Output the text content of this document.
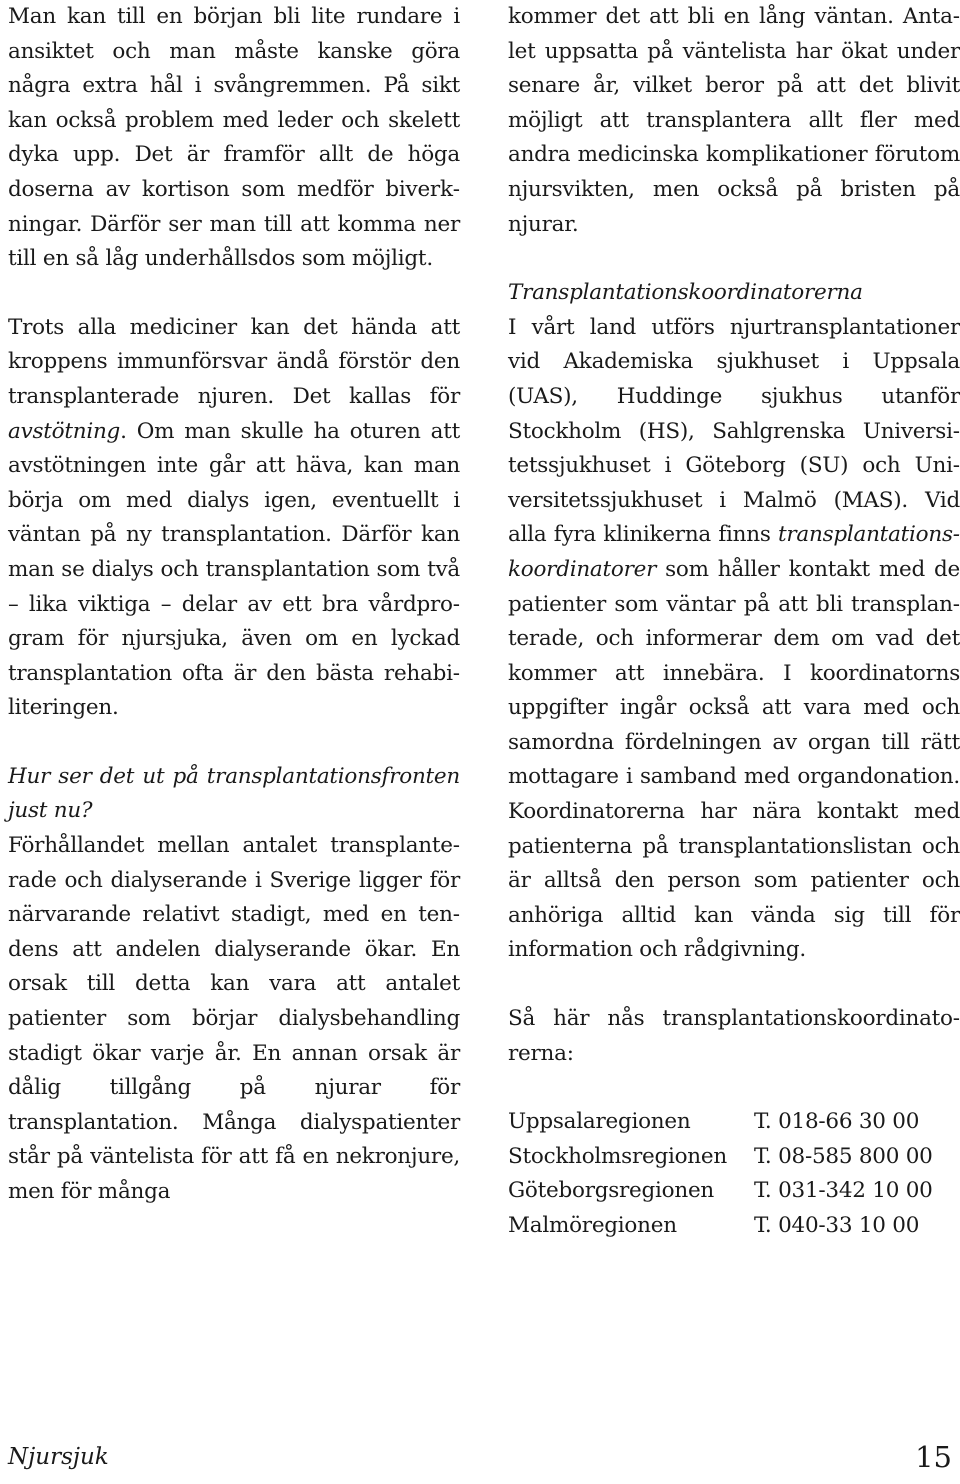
Man kan till en början bli lite rundare i ansiktet och man måste kanske göra några extra hål i svångremmen. På sikt kan också problem med leder och skelett dyka upp. Det är framför allt de höga doserna av kortison som medför biverkningar. Därför ser man till att komma ner till en så låg underhållsdos som möjligt.

Trots alla mediciner kan det hända att kroppens immunförsvar ändå förstör den transplanterade njuren. Det kallas för avstötning. Om man skulle ha oturen att avstötningen inte går att häva, kan man börja om med dialys igen, eventuellt i väntan på ny transplantation. Därför kan man se dialys och transplantation som två – lika viktiga – delar av ett bra vårdprogram för njursjuka, även om en lyckad transplantation ofta är den bästa rehabiliteringen.

Hur ser det ut på transplantationsfronten just nu?

Förhållandet mellan antalet transplanterade och dialyserande i Sverige ligger för närvarande relativt stadigt, med en tendens att andelen dialyserande ökar. En orsak till detta kan vara att antalet patienter som börjar dialysbehandling stadigt ökar varje år. En annan orsak är dålig tillgång på njurar för transplantation. Många dialyspatienter står på väntelista för att få en nekronjure, men för många

kommer det att bli en lång väntan. Antalet uppsatta på väntelista har ökat under senare år, vilket beror på att det blivit möjligt att transplantera allt fler med andra medicinska komplikationer förutom njursvikten, men också på bristen på njurar.

Transplantationskoordinatorerna

I vårt land utförs njurtransplantationer vid Akademiska sjukhuset i Uppsala (UAS), Huddinge sjukhus utanför Stockholm (HS), Sahlgrenska Universitetssjukhuset i Göteborg (SU) och Universitetssjukhuset i Malmö (MAS). Vid alla fyra klinikerna finns transplantationskoordinatorer som håller kontakt med de patienter som väntar på att bli transplanterade, och informerar dem om vad det kommer att innebära. I koordinatorns uppgifter ingår också att vara med och samordna fördelningen av organ till rätt mottagare i samband med organdonation. Koordinatorerna har nära kontakt med patienterna på transplantationslistan och är alltså den person som patienter och anhöriga alltid kan vända sig till för information och rådgivning.

Så här nås transplantationskoordinatorerna:

Uppsalaregionen	T. 018-66 30 00
Stockholmsregionen	T. 08-585 800 00
Göteborgsregionen	T. 031-342 10 00
Malmöregionen	T. 040-33 10 00
Njursjuk	15
